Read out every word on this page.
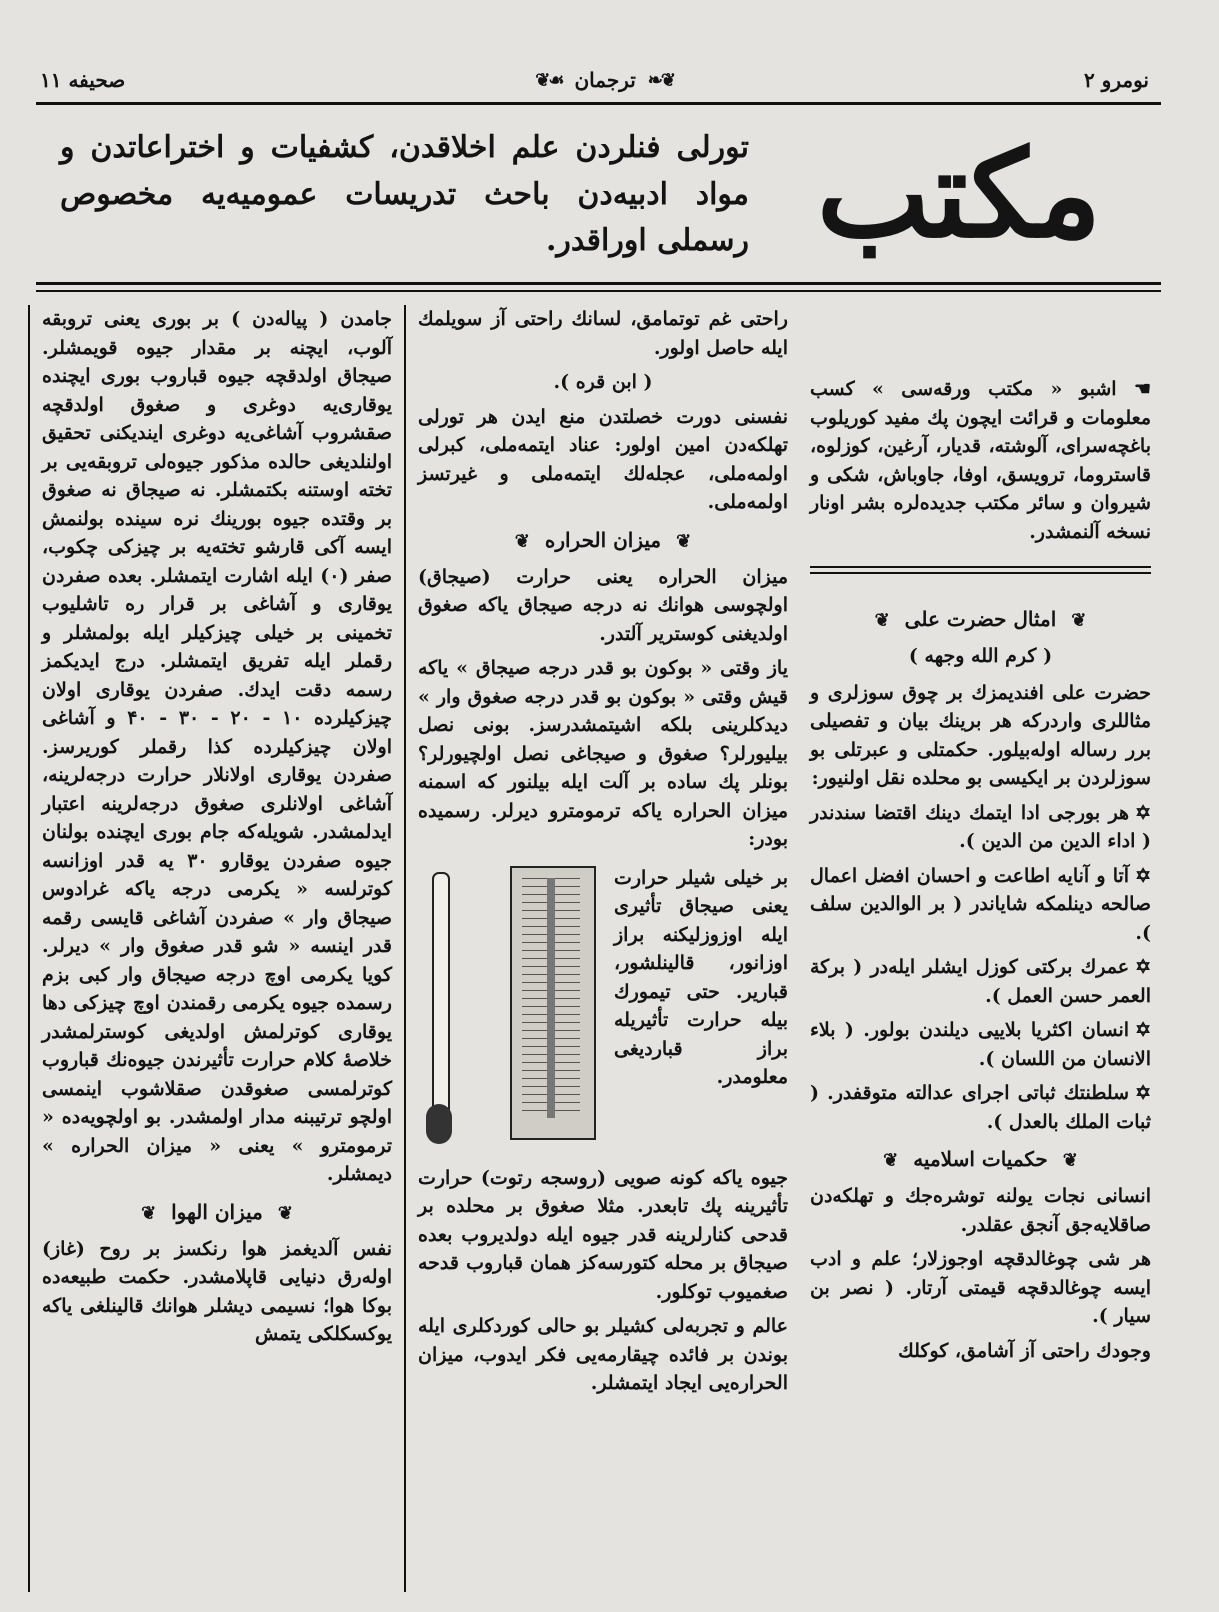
نومرو ۲
❦❧
ترجمان
☙❦
صحیفه ۱۱
مكتب
تورلی فنلردن علم اخلاقدن، كشفیات و اختراعاتدن و مواد ادبیه‌دن باحث تدریسات عمومیه‌یه مخصوص رسملی اوراقدر.

☚ اشبو « مكتب ورقه‌سی » كسب معلومات و قرائت ایچون پك مفید كوریلوب باغچه‌سرای، آلوشته، قدیار، آرغین، كوزلوه، قاستروما، ترویسق، اوفا، جاوباش، شكی و شیروان و سائر مكتب جدیده‌لره بشر اونار نسخه آلنمشدر.

❦ امثال حضرت علی ❦
( كرم الله وجهه )

حضرت علی افندیمزك بر چوق سوزلری و مثاللری واردركه هر برینك بیان و تفصیلی برر رساله اوله‌بیلور. حكمتلی و عبرتلی بو سوزلردن بر ایكیسی بو محلده نقل اولنیور:

✡هر بورجی ادا ایتمك دینك اقتضا سندندر ( اداء الدین من الدین ).

✡آتا و آنایه اطاعت و احسان افضل اعمال صالحه دینلمكه شایاندر ( بر الوالدین سلف ).

✡عمرك بركتی كوزل ایشلر ایله‌در ( بركة العمر حسن العمل ).

✡انسان اكثریا بلاییی دیلندن بولور. ( بلاء الانسان من اللسان ).

✡سلطنتك ثباتی اجرای عدالته متوقفدر. ( ثبات الملك بالعدل ).

❦ حكمیات اسلامیه ❦

انسانی نجات یولنه توشره‌جك و تهلكه‌دن صاقلایه‌جق آنجق عقلدر.

هر شی چوغالدقچه اوجوزلار؛ علم و ادب ایسه چوغالدقچه قیمتی آرتار. ( نصر بن سیار ).

وجودك راحتی آز آشامق، كوكلك

راحتی غم توتمامق، لسانك راحتی آز سویلمك ایله حاصل اولور.

( ابن قره ).

نفسنی دورت خصلتدن منع ایدن هر تورلی تهلكه‌دن امین اولور: عناد ایتمه‌ملی، كبرلی اولمه‌ملی، عجله‌لك ایتمه‌ملی و غیرتسز اولمه‌ملی.

❦ میزان الحراره ❦

میزان الحراره یعنی حرارت (صیجاق) اولچوسی هوانك نه درجه صیجاق یاكه صغوق اولدیغنی كوستریر آلتدر.

یاز وقتی « بوكون بو قدر درجه صیجاق » یاكه قیش وقتی « بوكون بو قدر درجه صغوق وار » دیدكلرینی بلكه اشیتمشدرسز. بونی نصل بیلیورلر؟ صغوق و صیجاغی نصل اولچیورلر؟ بونلر پك ساده بر آلت ایله بیلنور كه اسمنه میزان الحراره یاكه ترمومترو دیرلر. رسمیده بودر:

بر خیلی شیلر حرارت یعنی صیجاق تأثیری ایله اوزوزلیكنه براز اوزانور، قالینلشور، قباریر. حتی تیمورك بیله حرارت تأثیریله براز قباردیغی معلومدر.

جیوه یاكه كونه صویی (روسجه رتوت) حرارت تأثیرینه پك تابعدر. مثلا صغوق بر محلده بر قدحی كنارلرینه قدر جیوه ایله دولدیروب بعده صیجاق بر محله كتورسه‌كز همان قباروب قدحه صغمیوب توكلور.

عالم و تجربه‌لی كشیلر بو حالی كوردكلری ایله بوندن بر فائده چیقارمه‌یی فكر ایدوب، میزان الحراره‌یی ایجاد ایتمشلر.

جامدن ( پیاله‌دن ) بر بوری یعنی تروبقه آلوب، ایچنه بر مقدار جیوه قویمشلر. صیجاق اولدقچه جیوه قباروب بوری ایچنده یوقاری‌یه دوغری و صغوق اولدقچه صقشروب آشاغی‌یه دوغری ایندیكنی تحقیق اولنلدیغی حالده مذكور جیوه‌لی تروبقه‌یی بر تخته اوستنه بكتمشلر. نه صیجاق نه صغوق بر وقتده جیوه بورینك نره سینده بولنمش ایسه آكی قارشو تخته‌یه بر چیزكی چكوب، صفر (٠) ایله اشارت ایتمشلر. بعده صفردن یوقاری و آشاغی بر قرار ره تاشلیوب تخمینی بر خیلی چیزكیلر ایله بولمشلر و رقملر ایله تفریق ایتمشلر. درج ایدیكمز رسمه دقت ایدك. صفردن یوقاری اولان چیزكیلرده ۱۰ - ۲۰ - ۳۰ - ۴۰ و آشاغی اولان چیزكیلرده كذا رقملر كوریرسز. صفردن یوقاری اولانلار حرارت درجه‌لرینه، آشاغی اولانلری صغوق درجه‌لرینه اعتبار ایدلمشدر. شویله‌كه جام بوری ایچنده بولنان جیوه صفردن یوقارو ۳۰ یه قدر اوزانسه كوترلسه « یكرمی درجه یاكه غرادوس صیجاق وار » صفردن آشاغی قایسی رقمه قدر اینسه « شو قدر صغوق وار » دیرلر. كویا یكرمی اوچ درجه صیجاق وار كبی بزم رسمده جیوه یكرمی رقمندن اوچ چیزكی دها یوقاری كوترلمش اولدیغی كوسترلمشدر خلاصهٔ كلام حرارت تأثیرندن جیوه‌نك قباروب كوترلمسی صغوقدن صقلاشوب اینمسی اولچو ترتیبنه مدار اولمشدر. بو اولچویه‌ده « ترمومترو » یعنی « میزان الحراره » دیمشلر.

❦ میزان الهوا ❦

نفس آلدیغمز هوا رنكسز بر روح (غاز) اوله‌رق دنیایی قاپلامشدر. حكمت طبیعه‌ده بوكا هوا؛ نسیمی دیشلر هوانك قالینلغی یاكه یوكسكلكی یتمش
